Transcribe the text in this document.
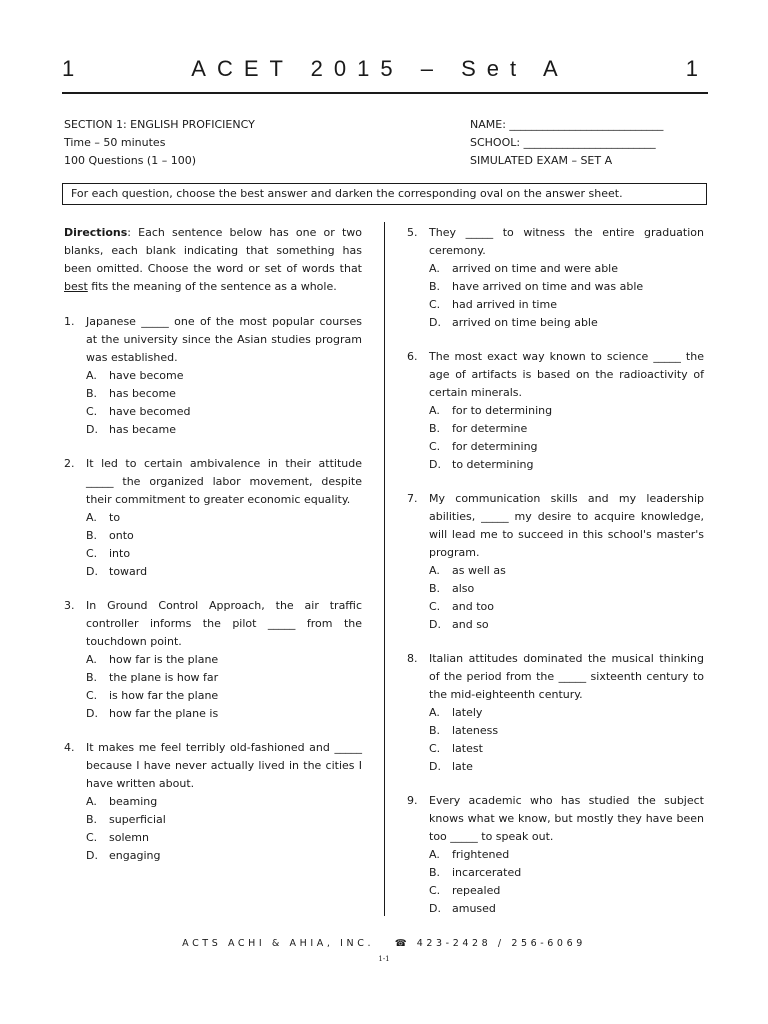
1	ACET 2015 – Set A	1
SECTION 1: ENGLISH PROFICIENCY
Time – 50 minutes
100 Questions (1 – 100)
NAME: ____________________________
SCHOOL: ________________________
SIMULATED EXAM – SET A
For each question, choose the best answer and darken the corresponding oval on the answer sheet.
Directions: Each sentence below has one or two blanks, each blank indicating that something has been omitted. Choose the word or set of words that best fits the meaning of the sentence as a whole.
1.	Japanese _____ one of the most popular courses at the university since the Asian studies program was established.
A.	have become
B.	has become
C.	have becomed
D.	has became
2.	It led to certain ambivalence in their attitude _____ the organized labor movement, despite their commitment to greater economic equality.
A.	to
B.	onto
C.	into
D.	toward
3.	In Ground Control Approach, the air traffic controller informs the pilot _____ from the touchdown point.
A.	how far is the plane
B.	the plane is how far
C.	is how far the plane
D.	how far the plane is
4.	It makes me feel terribly old-fashioned and _____ because I have never actually lived in the cities I have written about.
A.	beaming
B.	superficial
C.	solemn
D.	engaging
5.	They _____ to witness the entire graduation ceremony.
A.	arrived on time and were able
B.	have arrived on time and was able
C.	had arrived in time
D.	arrived on time being able
6.	The most exact way known to science _____ the age of artifacts is based on the radioactivity of certain minerals.
A.	for to determining
B.	for determine
C.	for determining
D.	to determining
7.	My communication skills and my leadership abilities, _____ my desire to acquire knowledge, will lead me to succeed in this school's master's program.
A.	as well as
B.	also
C.	and too
D.	and so
8.	Italian attitudes dominated the musical thinking of the period from the _____ sixteenth century to the mid-eighteenth century.
A.	lately
B.	lateness
C.	latest
D.	late
9.	Every academic who has studied the subject knows what we know, but mostly they have been too _____ to speak out.
A.	frightened
B.	incarcerated
C.	repealed
D.	amused
ACTS ACHI & AHIA, INC. ☎ 423-2428 / 256-6069
1-1
